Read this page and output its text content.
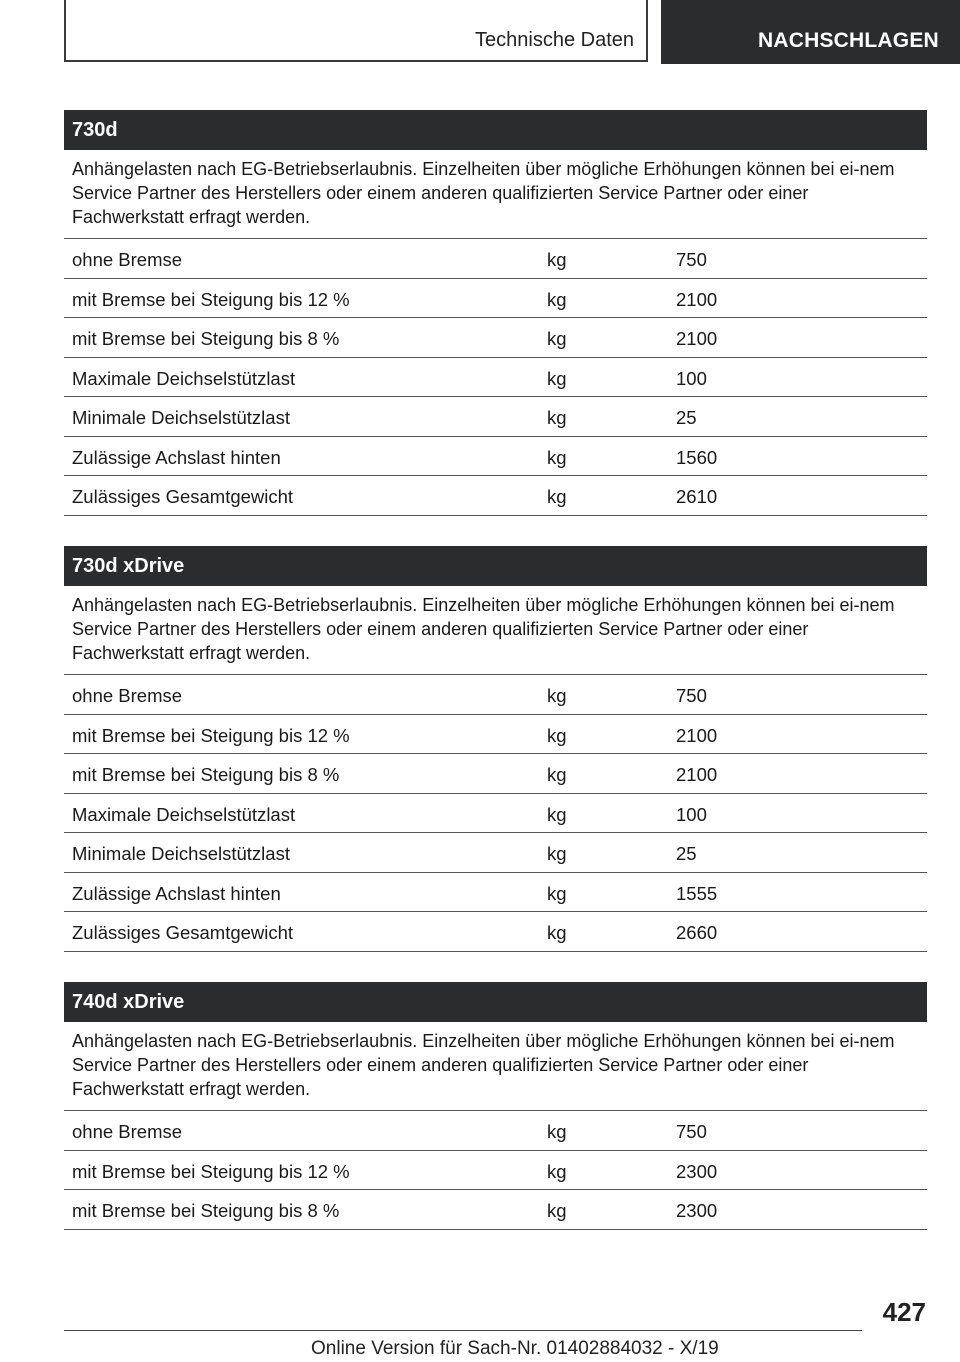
Technische Daten	NACHSCHLAGEN
730d
Anhängelasten nach EG-Betriebserlaubnis. Einzelheiten über mögliche Erhöhungen können bei ei-nem Service Partner des Herstellers oder einem anderen qualifizierten Service Partner oder einer Fachwerkstatt erfragt werden.
ohne Bremse	kg	750
mit Bremse bei Steigung bis 12 %	kg	2100
mit Bremse bei Steigung bis 8 %	kg	2100
Maximale Deichselstützlast	kg	100
Minimale Deichselstützlast	kg	25
Zulässige Achslast hinten	kg	1560
Zulässiges Gesamtgewicht	kg	2610
730d xDrive
Anhängelasten nach EG-Betriebserlaubnis. Einzelheiten über mögliche Erhöhungen können bei ei-nem Service Partner des Herstellers oder einem anderen qualifizierten Service Partner oder einer Fachwerkstatt erfragt werden.
ohne Bremse	kg	750
mit Bremse bei Steigung bis 12 %	kg	2100
mit Bremse bei Steigung bis 8 %	kg	2100
Maximale Deichselstützlast	kg	100
Minimale Deichselstützlast	kg	25
Zulässige Achslast hinten	kg	1555
Zulässiges Gesamtgewicht	kg	2660
740d xDrive
Anhängelasten nach EG-Betriebserlaubnis. Einzelheiten über mögliche Erhöhungen können bei ei-nem Service Partner des Herstellers oder einem anderen qualifizierten Service Partner oder einer Fachwerkstatt erfragt werden.
ohne Bremse	kg	750
mit Bremse bei Steigung bis 12 %	kg	2300
mit Bremse bei Steigung bis 8 %	kg	2300
427
Online Version für Sach-Nr. 01402884032 - X/19
